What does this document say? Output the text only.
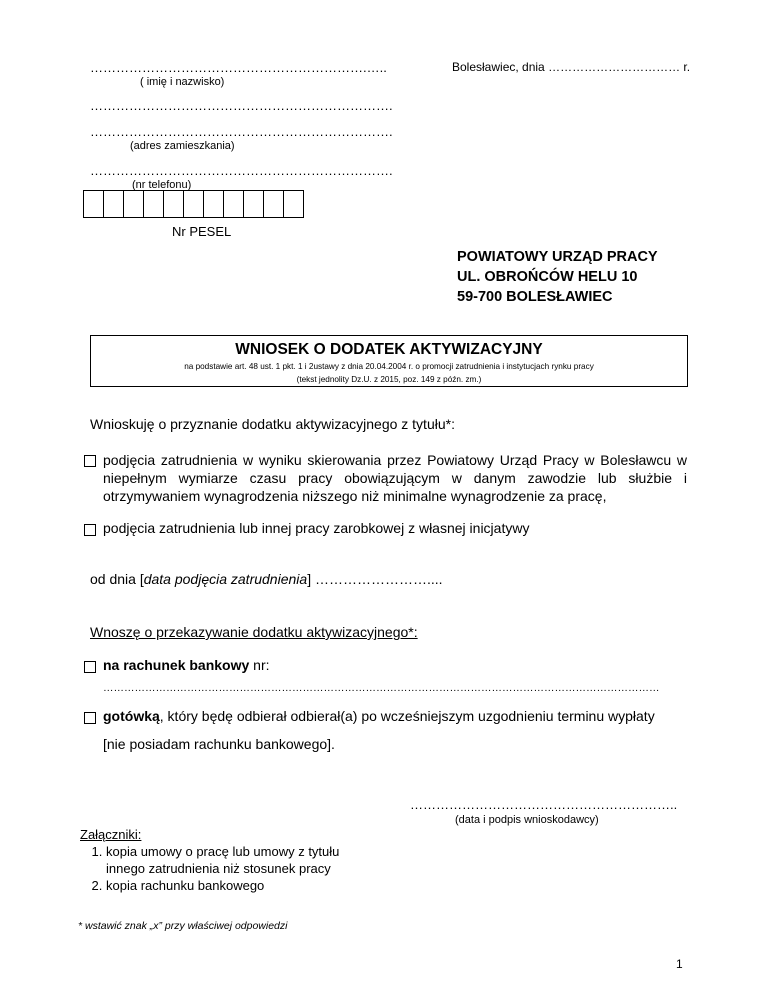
……………………………………………………….…..
( imię i nazwisko)
Bolesławiec, dnia …………………………… r.
…………………………………………………………….
…………………………………………………………….
(adres zamieszkania)
…………………………………………………………….
(nr telefonu)
Nr PESEL
POWIATOWY URZĄD PRACY
UL. OBROŃCÓW HELU 10
59-700 BOLESŁAWIEC
WNIOSEK O DODATEK AKTYWIZACYJNY
na podstawie art. 48 ust. 1 pkt. 1 i 2ustawy z dnia 20.04.2004 r. o promocji zatrudnienia i instytucjach rynku pracy
(tekst jednolity Dz.U. z 2015, poz. 149 z późn. zm.)
Wnioskuję o przyznanie dodatku aktywizacyjnego z tytułu*:
podjęcia zatrudnienia w wyniku skierowania przez Powiatowy Urząd Pracy w Bolesławcu w niepełnym wymiarze czasu pracy obowiązującym w danym zawodzie lub służbie i otrzymywaniem wynagrodzenia niższego niż minimalne wynagrodzenie za pracę,
podjęcia zatrudnienia lub innej pracy zarobkowej z własnej inicjatywy
od dnia [data podjęcia zatrudnienia] ……………………....
Wnoszę o przekazywanie dodatku aktywizacyjnego*:
na rachunek bankowy nr:
……………………………………………………………………………………………………………………………………………
gotówką, który będę odbierał odbierał(a) po wcześniejszym uzgodnieniu terminu wypłaty
[nie posiadam rachunku bankowego].
……………………………………………………..
(data i podpis wnioskodawcy)
Załączniki:
1. kopia umowy o pracę lub umowy z tytułu innego zatrudnienia niż stosunek pracy
2. kopia rachunku bankowego
* wstawić znak „x” przy właściwej odpowiedzi
1
